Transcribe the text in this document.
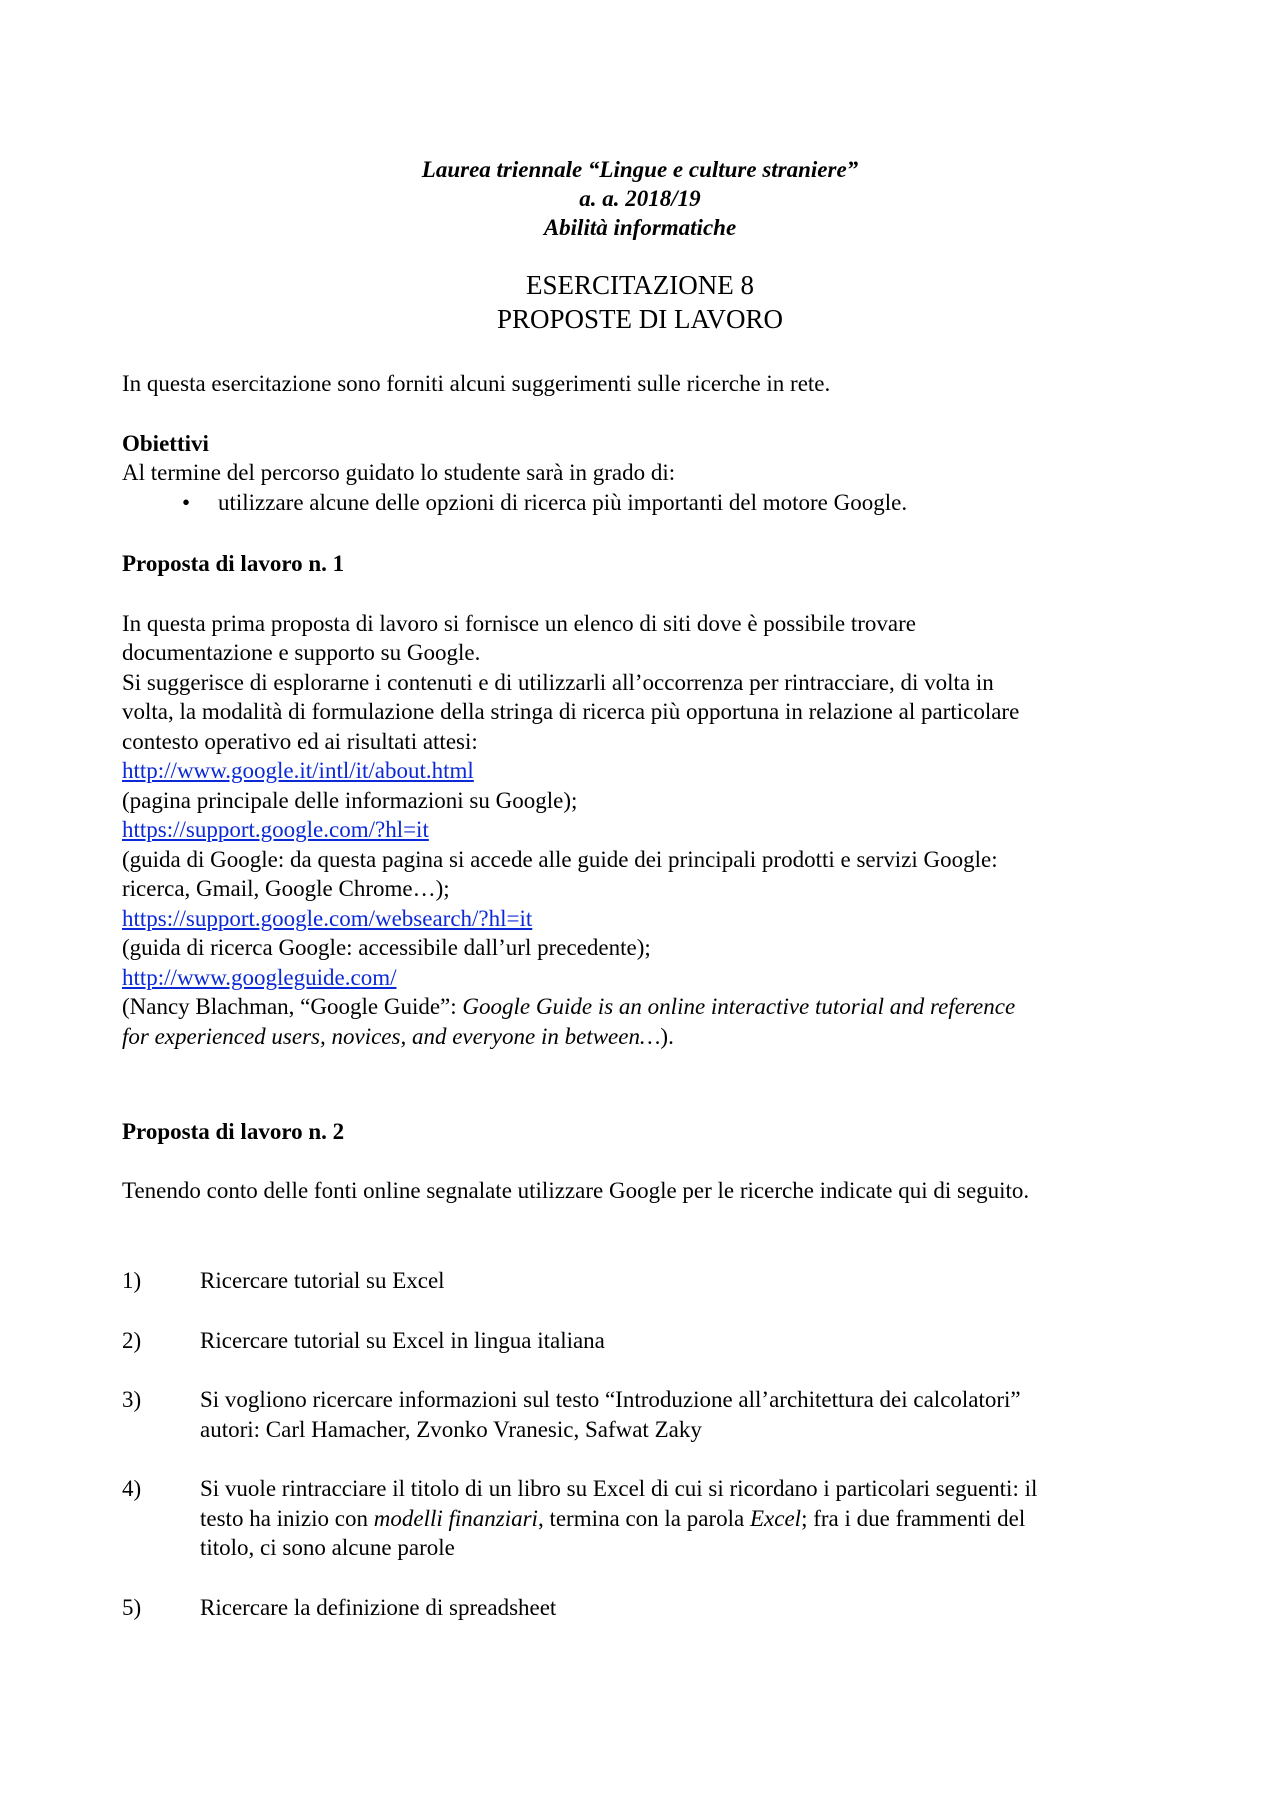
Laurea triennale “Lingue e culture straniere”
a. a. 2018/19
Abilità informatiche
ESERCITAZIONE 8
PROPOSTE DI LAVORO
In questa esercitazione sono forniti alcuni suggerimenti sulle ricerche in rete.
Obiettivi
Al termine del percorso guidato lo studente sarà in grado di:
• utilizzare alcune delle opzioni di ricerca più importanti del motore Google.
Proposta di lavoro n. 1
In questa prima proposta di lavoro si fornisce un elenco di siti dove è possibile trovare
documentazione e supporto su Google.
Si suggerisce di esplorarne i contenuti e di utilizzarli all’occorrenza per rintracciare, di volta in
volta, la modalità di formulazione della stringa di ricerca più opportuna in relazione al particolare
contesto operativo ed ai risultati attesi:
http://www.google.it/intl/it/about.html
(pagina principale delle informazioni su Google);
https://support.google.com/?hl=it
(guida di Google: da questa pagina si accede alle guide dei principali prodotti e servizi Google:
ricerca, Gmail, Google Chrome…);
https://support.google.com/websearch/?hl=it
(guida di ricerca Google: accessibile dall’url precedente);
http://www.googleguide.com/
(Nancy Blachman, “Google Guide”: Google Guide is an online interactive tutorial and reference
for experienced users, novices, and everyone in between…).
Proposta di lavoro n. 2
Tenendo conto delle fonti online segnalate utilizzare Google per le ricerche indicate qui di seguito.
1)	Ricercare tutorial su Excel
2)	Ricercare tutorial su Excel in lingua italiana
3)	Si vogliono ricercare informazioni sul testo “Introduzione all’architettura dei calcolatori”
autori: Carl Hamacher, Zvonko Vranesic, Safwat Zaky
4)	Si vuole rintracciare il titolo di un libro su Excel di cui si ricordano i particolari seguenti: il
testo ha inizio con modelli finanziari, termina con la parola Excel; fra i due frammenti del
titolo, ci sono alcune parole
5)	Ricercare la definizione di spreadsheet
